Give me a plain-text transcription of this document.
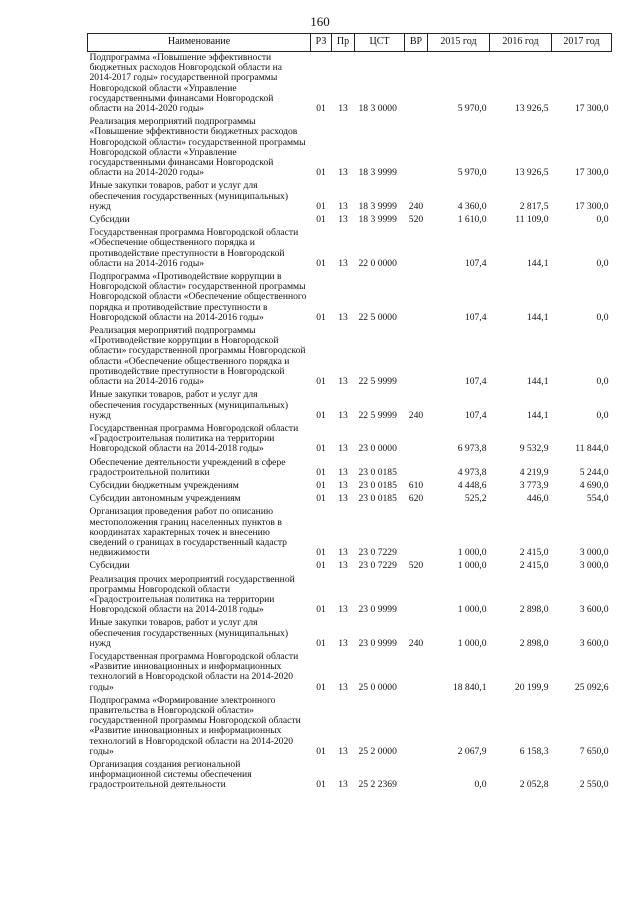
160
Наименование	РЗ	Пр	ЦСТ	ВР	2015 год	2016 год	2017 год
Подпрограмма «Повышение эффективности бюджетных расходов Новгородской области на 2014-2017 годы» государственной программы Новгородской области «Управление государственными финансами Новгородской области на 2014-2020 годы»	01	13	18 3 0000		5 970,0	13 926,5	17 300,0
Реализация мероприятий подпрограммы «Повышение эффективности бюджетных расходов Новгородской области» государственной программы Новгородской области «Управление государственными финансами Новгородской области на 2014-2020 годы»	01	13	18 3 9999		5 970,0	13 926,5	17 300,0
Иные закупки товаров, работ и услуг для обеспечения государственных (муниципальных) нужд	01	13	18 3 9999	240	4 360,0	2 817,5	17 300,0
Субсидии	01	13	18 3 9999	520	1 610,0	11 109,0	0,0
Государственная программа Новгородской области «Обеспечение общественного порядка и противодействие преступности в Новгородской области на 2014-2016 годы»	01	13	22 0 0000		107,4	144,1	0,0
Подпрограмма «Противодействие коррупции в Новгородской области» государственной программы Новгородской области «Обеспечение общественного порядка и противодействие преступности в Новгородской области на 2014-2016 годы»	01	13	22 5 0000		107,4	144,1	0,0
Реализация мероприятий подпрограммы «Противодействие коррупции в Новгородской области» государственной программы Новгородской области «Обеспечение общественного порядка и противодействие преступности в Новгородской области на 2014-2016 годы»	01	13	22 5 9999		107,4	144,1	0,0
Иные закупки товаров, работ и услуг для обеспечения государственных (муниципальных) нужд	01	13	22 5 9999	240	107,4	144,1	0,0
Государственная программа Новгородской области «Градостроительная политика на территории Новгородской области на 2014-2018 годы»	01	13	23 0 0000		6 973,8	9 532,9	11 844,0
Обеспечение деятельности учреждений в сфере градостроительной политики	01	13	23 0 0185		4 973,8	4 219,9	5 244,0
Субсидии бюджетным учреждениям	01	13	23 0 0185	610	4 448,6	3 773,9	4 690,0
Субсидии автономным учреждениям	01	13	23 0 0185	620	525,2	446,0	554,0
Организация проведения работ по описанию местоположения границ населенных пунктов в координатах характерных точек и внесению сведений о границах в государственный кадастр недвижимости	01	13	23 0 7229		1 000,0	2 415,0	3 000,0
Субсидии	01	13	23 0 7229	520	1 000,0	2 415,0	3 000,0
Реализация прочих мероприятий государственной программы Новгородской области «Градостроительная политика на территории Новгородской области на 2014-2018 годы»	01	13	23 0 9999		1 000,0	2 898,0	3 600,0
Иные закупки товаров, работ и услуг для обеспечения государственных (муниципальных) нужд	01	13	23 0 9999	240	1 000,0	2 898,0	3 600,0
Государственная программа Новгородской области «Развитие инновационных и информационных технологий в Новгородской области на 2014-2020 годы»	01	13	25 0 0000		18 840,1	20 199,9	25 092,6
Подпрограмма «Формирование электронного правительства в Новгородской области» государственной программы Новгородской области «Развитие инновационных и информационных технологий в Новгородской области на 2014-2020 годы»	01	13	25 2 0000		2 067,9	6 158,3	7 650,0
Организация создания региональной информационной системы обеспечения градостроительной деятельности	01	13	25 2 2369		0,0	2 052,8	2 550,0
